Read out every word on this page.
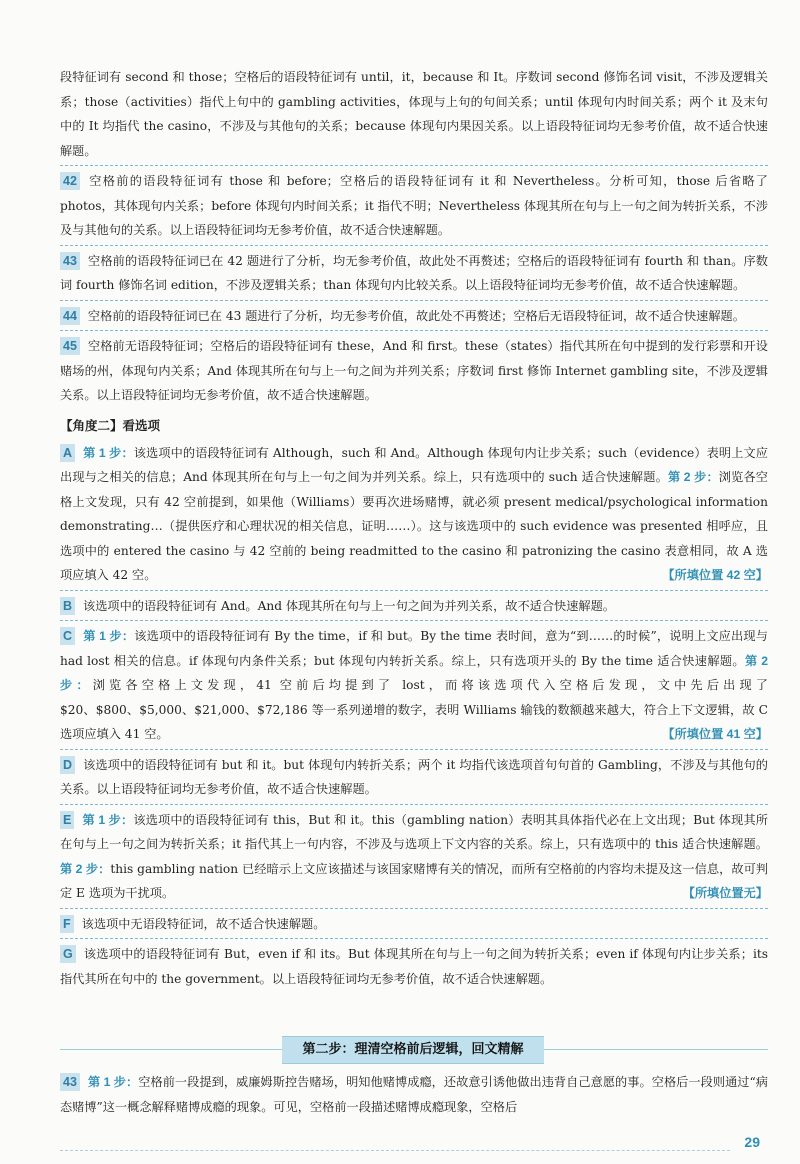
段特征词有 second 和 those；空格后的语段特征词有 until，it，because 和 It。序数词 second 修饰名词 visit，不涉及逻辑关系；those（activities）指代上句中的 gambling activities，体现与上句的句间关系；until 体现句内时间关系；两个 it 及末句中的 It 均指代 the casino，不涉及与其他句的关系；because 体现句内果因关系。以上语段特征词均无参考价值，故不适合快速解题。

42 空格前的语段特征词有 those 和 before；空格后的语段特征词有 it 和 Nevertheless。分析可知，those 后省略了 photos，其体现句内关系；before 体现句内时间关系；it 指代不明；Nevertheless 体现其所在句与上一句之间为转折关系，不涉及与其他句的关系。以上语段特征词均无参考价值，故不适合快速解题。

43 空格前的语段特征词已在 42 题进行了分析，均无参考价值，故此处不再赘述；空格后的语段特征词有 fourth 和 than。序数词 fourth 修饰名词 edition，不涉及逻辑关系；than 体现句内比较关系。以上语段特征词均无参考价值，故不适合快速解题。

44 空格前的语段特征词已在 43 题进行了分析，均无参考价值，故此处不再赘述；空格后无语段特征词，故不适合快速解题。

45 空格前无语段特征词；空格后的语段特征词有 these，And 和 first。these（states）指代其所在句中提到的发行彩票和开设赌场的州，体现句内关系；And 体现其所在句与上一句之间为并列关系；序数词 first 修饰 Internet gambling site，不涉及逻辑关系。以上语段特征词均无参考价值，故不适合快速解题。

【角度二】看选项

A 第 1 步：该选项中的语段特征词有 Although，such 和 And。Although 体现句内让步关系；such（evidence）表明上文应出现与之相关的信息；And 体现其所在句与上一句之间为并列关系。综上，只有选项中的 such 适合快速解题。第 2 步：浏览各空格上文发现，只有 42 空前提到，如果他（Williams）要再次进场赌博，就必须 present medical/psychological information demonstrating…（提供医疗和心理状况的相关信息，证明……）。这与该选项中的 such evidence was presented 相呼应，且选项中的 entered the casino 与 42 空前的 being readmitted to the casino 和 patronizing the casino 表意相同，故 A 选项应填入 42 空。	【所填位置 42 空】

B 该选项中的语段特征词有 And。And 体现其所在句与上一句之间为并列关系，故不适合快速解题。

C 第 1 步：该选项中的语段特征词有 By the time，if 和 but。By the time 表时间，意为“到……的时候”，说明上文应出现与 had lost 相关的信息。if 体现句内条件关系；but 体现句内转折关系。综上，只有选项开头的 By the time 适合快速解题。第 2 步：浏览各空格上文发现，41 空前后均提到了 lost，而将该选项代入空格后发现，文中先后出现了 $20、$800、$5,000、$21,000、$72,186 等一系列递增的数字，表明 Williams 输钱的数额越来越大，符合上下文逻辑，故 C 选项应填入 41 空。	【所填位置 41 空】

D 该选项中的语段特征词有 but 和 it。but 体现句内转折关系；两个 it 均指代该选项首句句首的 Gambling，不涉及与其他句的关系。以上语段特征词均无参考价值，故不适合快速解题。

E 第 1 步：该选项中的语段特征词有 this，But 和 it。this（gambling nation）表明其具体指代必在上文出现；But 体现其所在句与上一句之间为转折关系；it 指代其上一句内容，不涉及与选项上下文内容的关系。综上，只有选项中的 this 适合快速解题。第 2 步：this gambling nation 已经暗示上文应该描述与该国家赌博有关的情况，而所有空格前的内容均未提及这一信息，故可判定 E 选项为干扰项。	【所填位置无】

F 该选项中无语段特征词，故不适合快速解题。

G 该选项中的语段特征词有 But，even if 和 its。But 体现其所在句与上一句之间为转折关系；even if 体现句内让步关系；its 指代其所在句中的 the government。以上语段特征词均无参考价值，故不适合快速解题。

第二步：理清空格前后逻辑，回文精解

43 第 1 步：空格前一段提到，威廉姆斯控告赌场，明知他赌博成瘾，还故意引诱他做出违背自己意愿的事。空格后一段则通过“病态赌博”这一概念解释赌博成瘾的现象。可见，空格前一段描述赌博成瘾现象，空格后

29
